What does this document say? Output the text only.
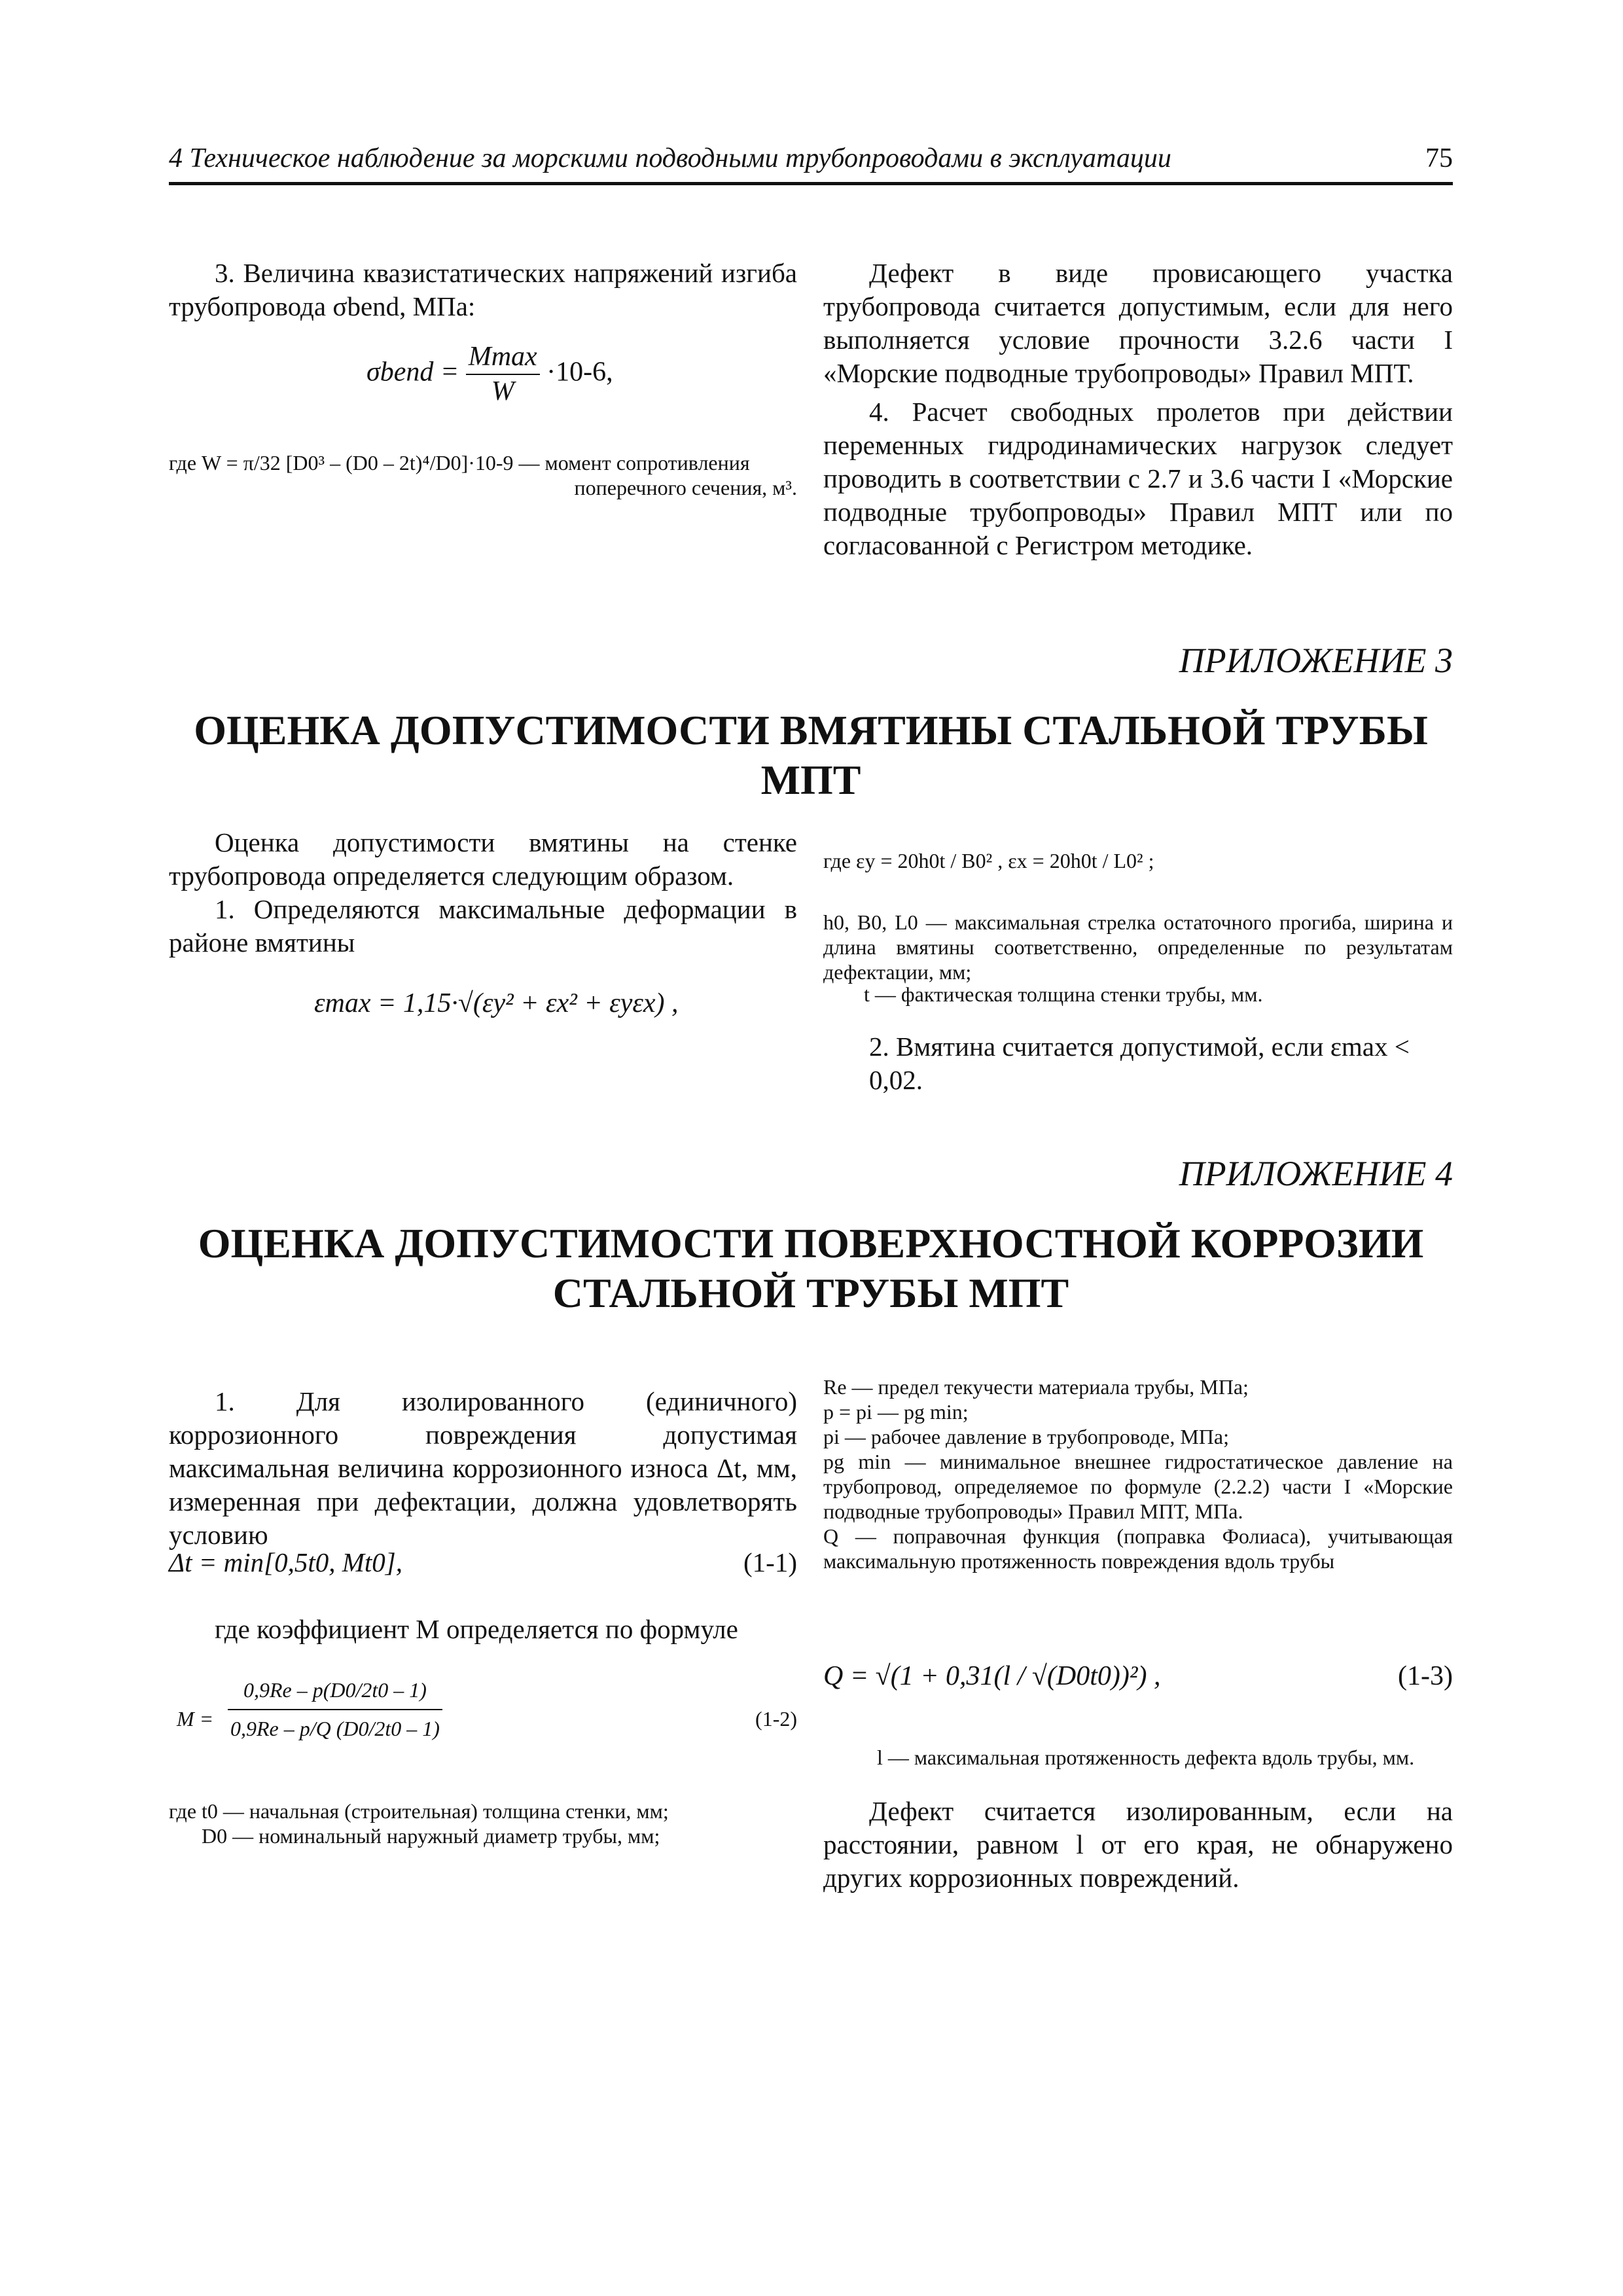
4 Техническое наблюдение за морскими подводными трубопроводами в эксплуатации	75

3. Величина квазистатических напряжений изгиба трубопровода σbend, МПа:

σbend = $\frac{Mmax}{W} \cdot 10-6$,

где W = π/32 [D0³ – (D0 – 2t)⁴/D0]·10-9 — момент сопротивления

поперечного сечения, м³.

Дефект в виде провисающего участка трубопровода считается допустимым, если для него выполняется условие прочности 3.2.6 части I «Морские подводные трубопроводы» Правил МПТ.

4. Расчет свободных пролетов при действии переменных гидродинамических нагрузок следует проводить в соответствии с 2.7 и 3.6 части I «Морские подводные трубопроводы» Правил МПТ или по согласованной с Регистром методике.

ПРИЛОЖЕНИЕ 3
ОЦЕНКА ДОПУСТИМОСТИ ВМЯТИНЫ СТАЛЬНОЙ ТРУБЫ МПТ

Оценка допустимости вмятины на стенке трубопровода определяется следующим образом.

1. Определяются максимальные деформации в районе вмятины

εmax = 1,15·√(εy² + εx² + εyεx) ,
где εy = 20h0t / B0² , εx = 20h0t / L0² ;
h0, B0, L0 — максимальная стрелка остаточного прогиба, ширина и длина вмятины соответственно, определенные по результатам дефектации, мм;
t — фактическая толщина стенки трубы, мм.
2. Вмятина считается допустимой, если εmax < 0,02.
ПРИЛОЖЕНИЕ 4
ОЦЕНКА ДОПУСТИМОСТИ ПОВЕРХНОСТНОЙ КОРРОЗИИ
СТАЛЬНОЙ ТРУБЫ МПТ

1. Для изолированного (единичного) коррозионного повреждения допустимая максимальная величина коррозионного износа Δt, мм, измеренная при дефектации, должна удовлетворять условию

Δt = min[0,5t0, Mt0],	(1-1)
где коэффициент M определяется по формуле
$M = \frac{0,9Re - p(D0/2t0 - 1)}{0,9Re - p/Q (D0/2t0 - 1)}$	(1-2)

где t0 — начальная (строительная) толщина стенки, мм;

D0 — номинальный наружный диаметр трубы, мм;

Re — предел текучести материала трубы, МПа;

p = pi — pg min;

pi — рабочее давление в трубопроводе, МПа;

pg min — минимальное внешнее гидростатическое давление на трубопровод, определяемое по формуле (2.2.2) части I «Морские подводные трубопроводы» Правил МПТ, МПа.

Q — поправочная функция (поправка Фолиаса), учитывающая максимальную протяженность повреждения вдоль трубы

Q = √(1 + 0,31(l / √(D0t0))²) ,	(1-3)
l — максимальная протяженность дефекта вдоль трубы, мм.

Дефект считается изолированным, если на расстоянии, равном l от его края, не обнаружено других коррозионных повреждений.
